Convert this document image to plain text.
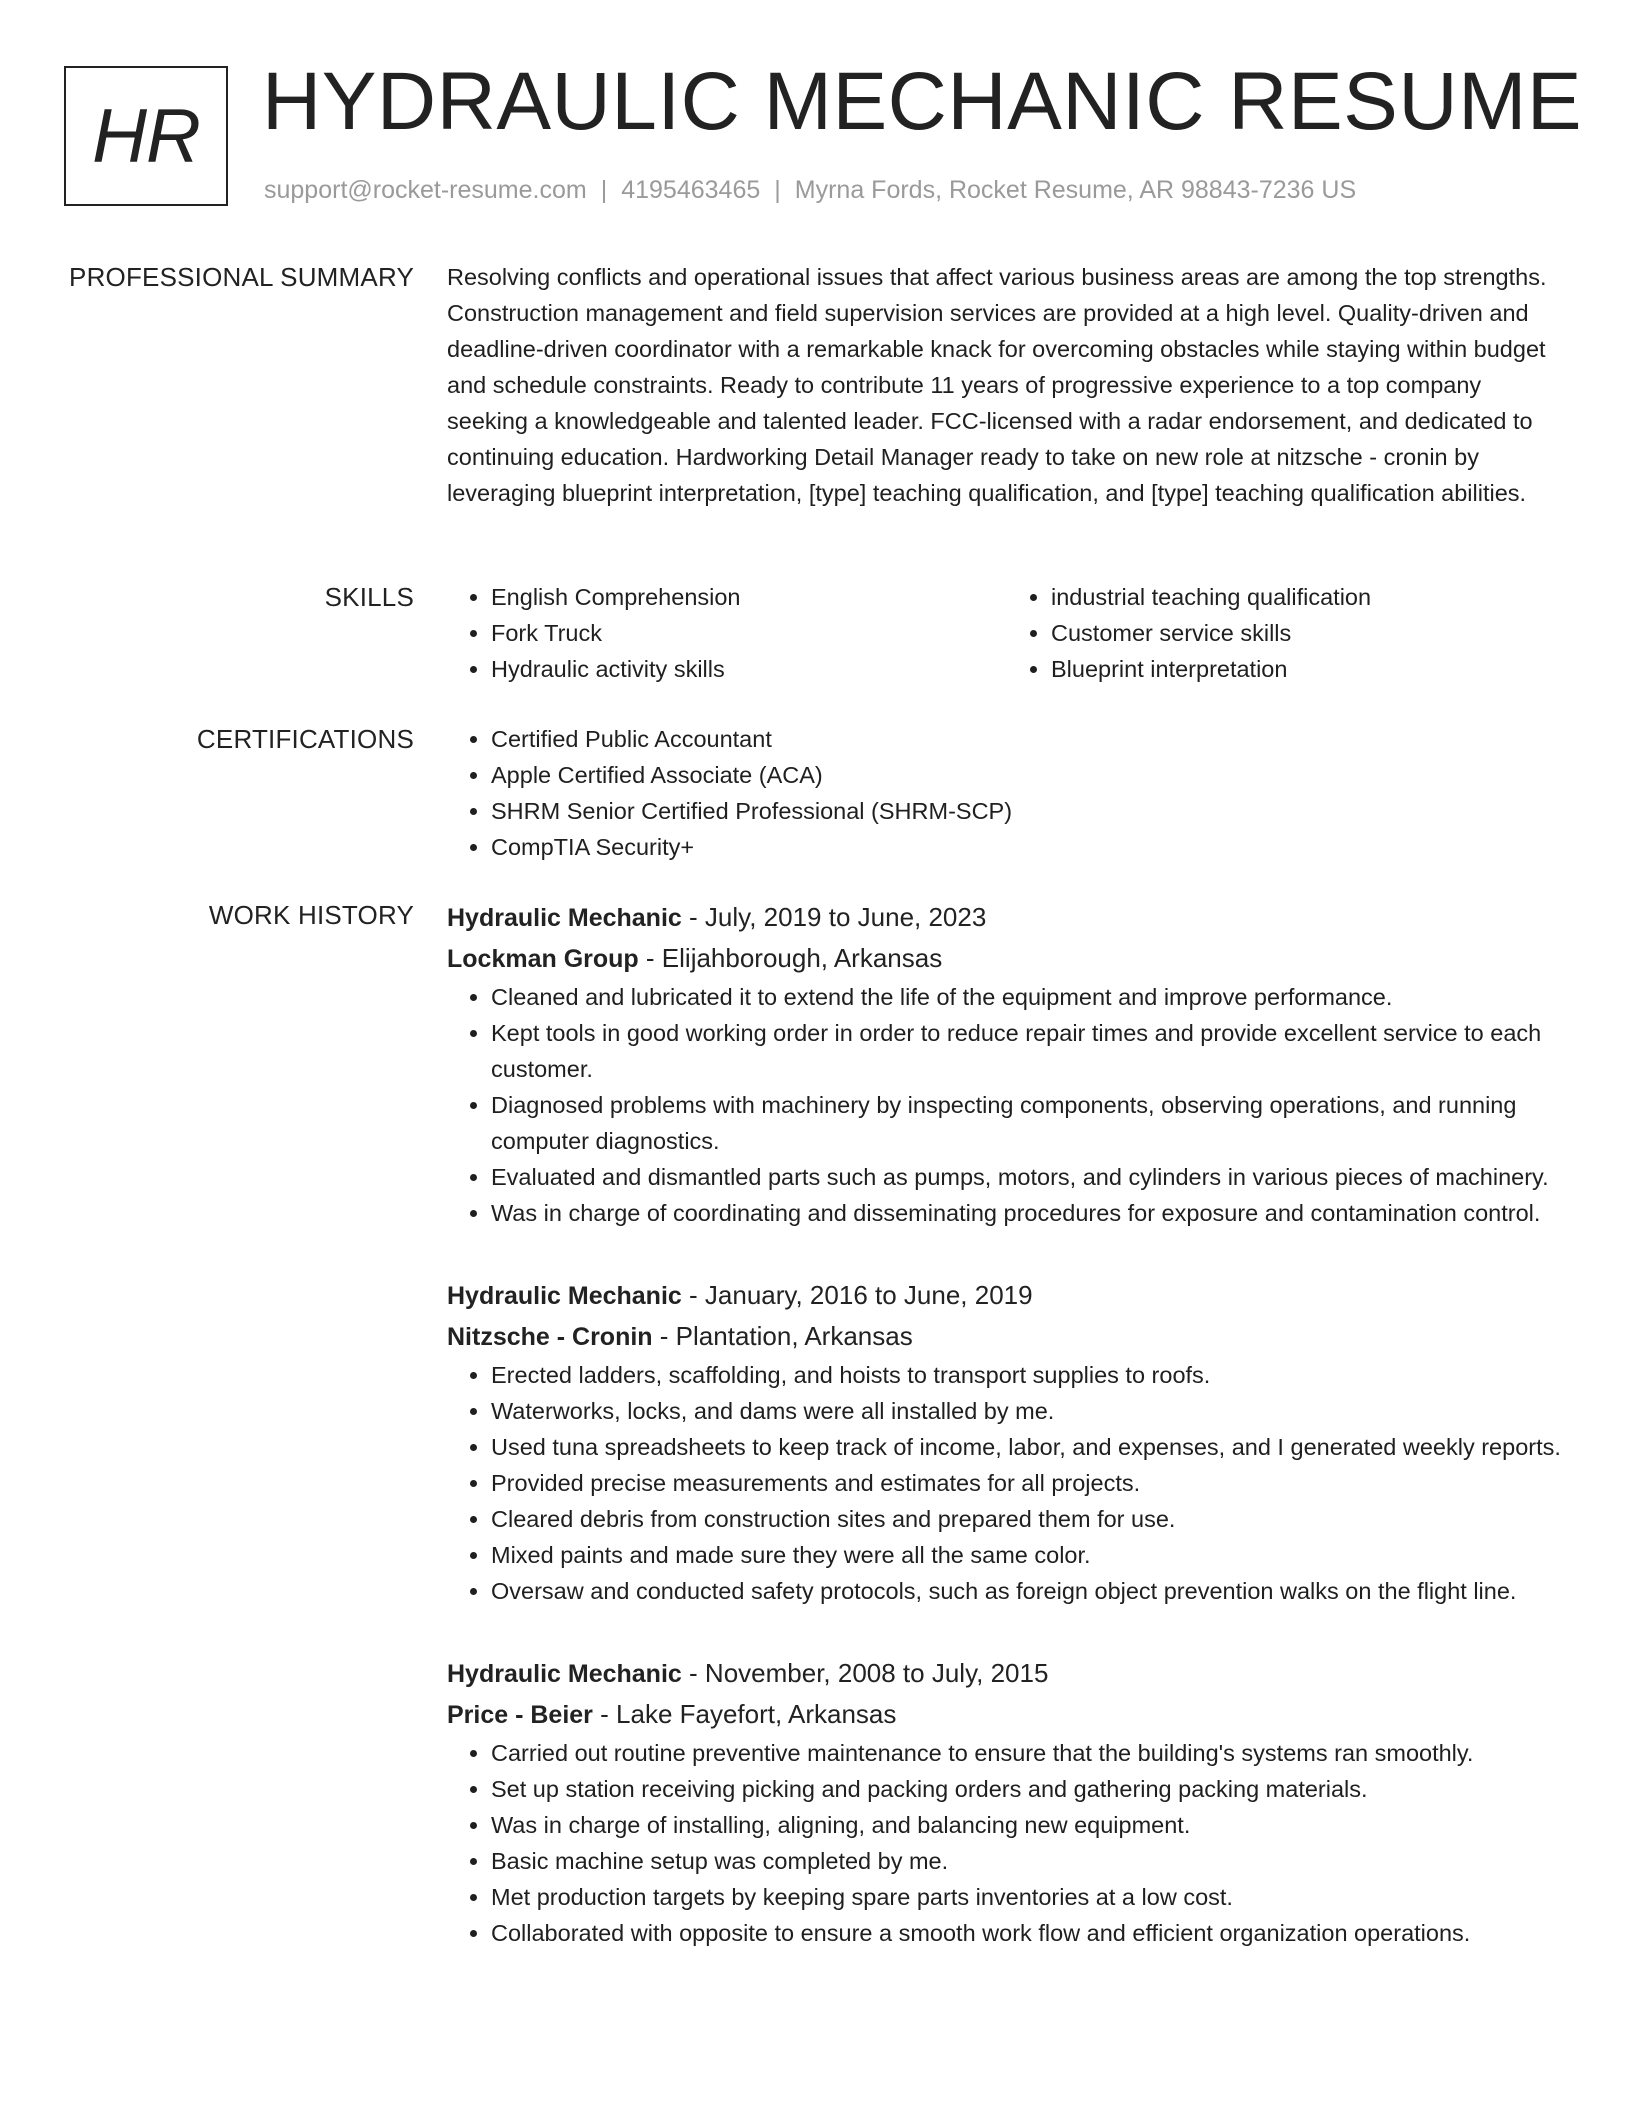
HR HYDRAULIC MECHANIC RESUME
support@rocket-resume.com | 4195463465 | Myrna Fords, Rocket Resume, AR 98843-7236 US
PROFESSIONAL SUMMARY Resolving conflicts and operational issues that affect various business areas are among the top strengths. Construction management and field supervision services are provided at a high level. Quality-driven and deadline-driven coordinator with a remarkable knack for overcoming obstacles while staying within budget and schedule constraints. Ready to contribute 11 years of progressive experience to a top company seeking a knowledgeable and talented leader. FCC-licensed with a radar endorsement, and dedicated to continuing education. Hardworking Detail Manager ready to take on new role at nitzsche - cronin by leveraging blueprint interpretation, [type] teaching qualification, and [type] teaching qualification abilities.

SKILLS	• English Comprehension
• Fork Truck
• Hydraulic activity skills
• industrial teaching qualification
• Customer service skills
• Blueprint interpretation
CERTIFICATIONS	• Certified Public Accountant
• Apple Certified Associate (ACA)
• SHRM Senior Certified Professional (SHRM-SCP)
• CompTIA Security+
WORK HISTORY Hydraulic Mechanic - July, 2019 to June, 2023
Lockman Group - Elijahborough, Arkansas
• Cleaned and lubricated it to extend the life of the equipment and improve performance.
• Kept tools in good working order in order to reduce repair times and provide excellent service to each customer.
• Diagnosed problems with machinery by inspecting components, observing operations, and running computer diagnostics.
• Evaluated and dismantled parts such as pumps, motors, and cylinders in various pieces of machinery.
• Was in charge of coordinating and disseminating procedures for exposure and contamination control.
Hydraulic Mechanic - January, 2016 to June, 2019
Nitzsche - Cronin - Plantation, Arkansas
• Erected ladders, scaffolding, and hoists to transport supplies to roofs.
• Waterworks, locks, and dams were all installed by me.
• Used tuna spreadsheets to keep track of income, labor, and expenses, and I generated weekly reports.
• Provided precise measurements and estimates for all projects.
• Cleared debris from construction sites and prepared them for use.
• Mixed paints and made sure they were all the same color.
• Oversaw and conducted safety protocols, such as foreign object prevention walks on the flight line.
Hydraulic Mechanic - November, 2008 to July, 2015
Price - Beier - Lake Fayefort, Arkansas
• Carried out routine preventive maintenance to ensure that the building's systems ran smoothly.
• Set up station receiving picking and packing orders and gathering packing materials.
• Was in charge of installing, aligning, and balancing new equipment.
• Basic machine setup was completed by me.
• Met production targets by keeping spare parts inventories at a low cost.
• Collaborated with opposite to ensure a smooth work flow and efficient organization operations.
